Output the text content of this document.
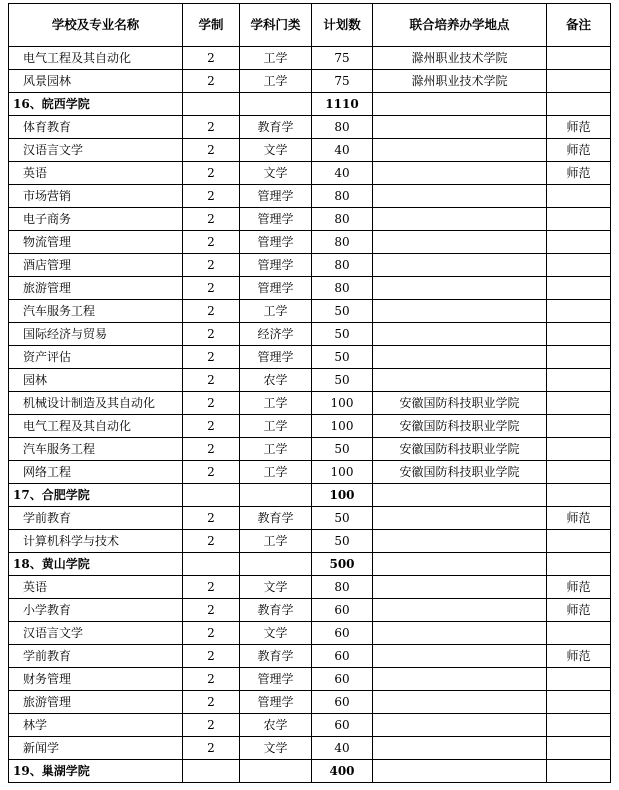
学校及专业名称	学制	学科门类	计划数	联合培养办学地点	备注
电气工程及其自动化	2	工学	75	滁州职业技术学院	
风景园林	2	工学	75	滁州职业技术学院	
16、皖西学院			1110		
体育教育	2	教育学	80		师范
汉语言文学	2	文学	40		师范
英语	2	文学	40		师范
市场营销	2	管理学	80		
电子商务	2	管理学	80		
物流管理	2	管理学	80		
酒店管理	2	管理学	80		
旅游管理	2	管理学	80		
汽车服务工程	2	工学	50		
国际经济与贸易	2	经济学	50		
资产评估	2	管理学	50		
园林	2	农学	50		
机械设计制造及其自动化	2	工学	100	安徽国防科技职业学院	
电气工程及其自动化	2	工学	100	安徽国防科技职业学院	
汽车服务工程	2	工学	50	安徽国防科技职业学院	
网络工程	2	工学	100	安徽国防科技职业学院	
17、合肥学院			100		
学前教育	2	教育学	50		师范
计算机科学与技术	2	工学	50		
18、黄山学院			500		
英语	2	文学	80		师范
小学教育	2	教育学	60		师范
汉语言文学	2	文学	60		
学前教育	2	教育学	60		师范
财务管理	2	管理学	60		
旅游管理	2	管理学	60		
林学	2	农学	60		
新闻学	2	文学	40		
19、巢湖学院			400		
